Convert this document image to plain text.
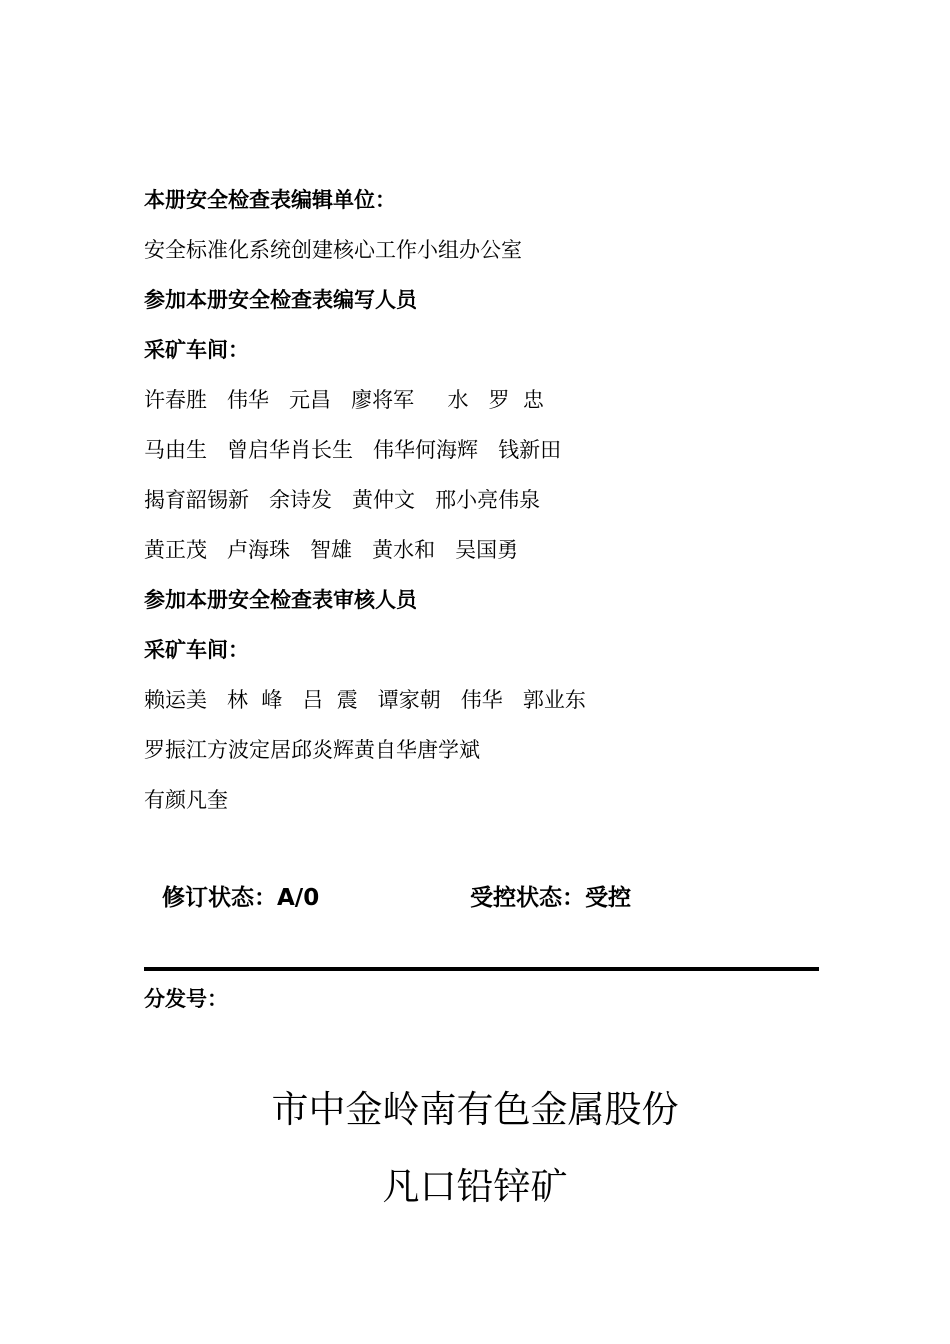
本册安全检查表编辑单位：
安全标准化系统创建核心工作小组办公室
参加本册安全检查表编写人员
采矿车间：
许春胜   伟华   元昌   廖将军     水   罗  忠
马由生   曾启华肖长生   伟华何海辉   钱新田
揭育韶锡新   余诗发   黄仲文   邢小亮伟泉
黄正茂   卢海珠   智雄   黄水和   吴国勇
参加本册安全检查表审核人员
采矿车间：
赖运美   林  峰   吕  震   谭家朝   伟华   郭业东
罗振江方波定居邱炎辉黄自华唐学斌
有颜凡奎
修订状态：A/0	受控状态：受控
分发号：
市中金岭南有色金属股份
凡口铅锌矿
